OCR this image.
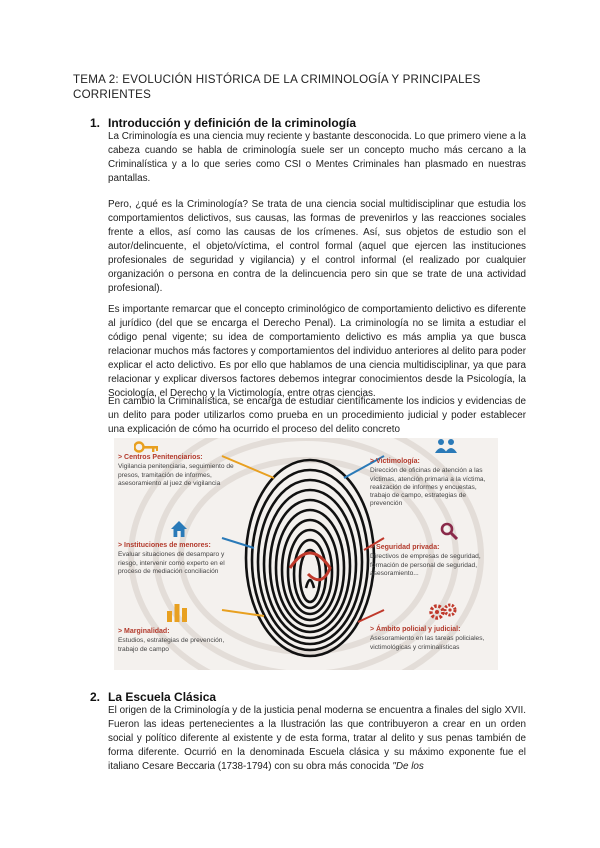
TEMA 2: EVOLUCIÓN HISTÓRICA DE LA CRIMINOLOGÍA Y PRINCIPALES CORRIENTES
1. Introducción y definición de la criminología
La Criminología es una ciencia muy reciente y bastante desconocida. Lo que primero viene a la cabeza cuando se habla de criminología suele ser un concepto mucho más cercano a la Criminalística y a lo que series como CSI o Mentes Criminales han plasmado en nuestras pantallas.
Pero, ¿qué es la Criminología? Se trata de una ciencia social multidisciplinar que estudia los comportamientos delictivos, sus causas, las formas de prevenirlos y las reacciones sociales frente a ellos, así como las causas de los crímenes. Así, sus objetos de estudio son el autor/delincuente, el objeto/víctima, el control formal (aquel que ejercen las instituciones profesionales de seguridad y vigilancia) y el control informal (el realizado por cualquier organización o persona en contra de la delincuencia pero sin que se trate de una actividad profesional).
Es importante remarcar que el concepto criminológico de comportamiento delictivo es diferente al jurídico (del que se encarga el Derecho Penal). La criminología no se limita a estudiar el código penal vigente; su idea de comportamiento delictivo es más amplia ya que busca relacionar muchos más factores y comportamientos del individuo anteriores al delito para poder explicar el acto delictivo. Es por ello que hablamos de una ciencia multidisciplinar, ya que para relacionar y explicar diversos factores debemos integrar conocimientos desde la Psicología, la Sociología, el Derecho y la Victimología, entre otras ciencias.
En cambio la Criminalística, se encarga de estudiar científicamente los indicios y evidencias de un delito para poder utilizarlos como prueba en un procedimiento judicial y poder establecer una explicación de cómo ha ocurrido el proceso del delito concreto
> Centros Penitenciarios:
Vigilancia penitenciaria, seguimiento de presos, tramitación de informes, asesoramiento al juez de vigilancia
> Instituciones de menores:
Evaluar situaciones de desamparo y riesgo, intervenir como experto en el proceso de mediación conciliación
> Marginalidad:
Estudios, estrategias de prevención, trabajo de campo
> Victimología:
Dirección de oficinas de atención a las víctimas, atención primaria a la víctima, realización de informes y encuestas, trabajo de campo, estrategias de prevención
> Seguridad privada:
Directivos de empresas de seguridad, formación de personal de seguridad, asesoramiento...
> Ámbito policial y judicial:
Asesoramiento en las tareas policiales, victimológicas y criminalísticas
2. La Escuela Clásica
El origen de la Criminología y de la justicia penal moderna se encuentra a finales del siglo XVII. Fueron las ideas pertenecientes a la Ilustración las que contribuyeron a crear en un orden social y político diferente al existente y de esta forma, tratar al delito y sus penas también de forma diferente. Ocurrió en la denominada Escuela clásica y su máximo exponente fue el italiano Cesare Beccaria (1738-1794) con su obra más conocida "De los
